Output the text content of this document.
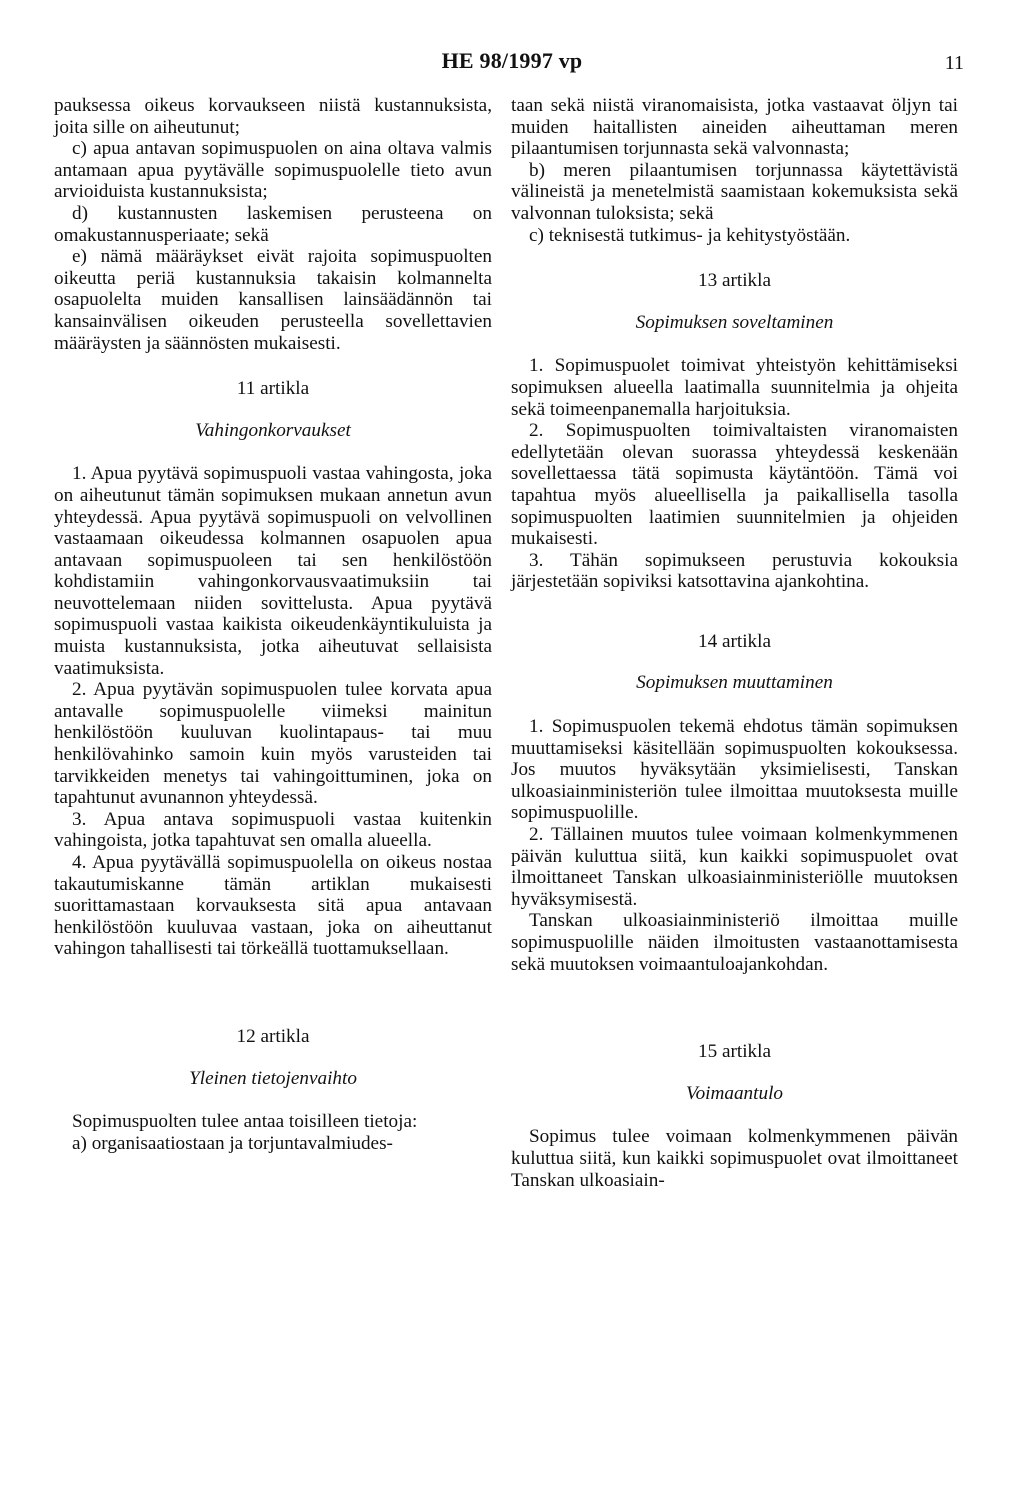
HE 98/1997 vp	11

pauksessa oikeus korvaukseen niistä kustannuksista, joita sille on aiheutunut;

c) apua antavan sopimuspuolen on aina oltava valmis antamaan apua pyytävälle sopimuspuolelle tieto avun arvioiduista kustannuksista;

d) kustannusten laskemisen perusteena on omakustannusperiaate; sekä

e) nämä määräykset eivät rajoita sopimuspuolten oikeutta periä kustannuksia takaisin kolmannelta osapuolelta muiden kansallisen lainsäädännön tai kansainvälisen oikeuden perusteella sovellettavien määräysten ja säännösten mukaisesti.

11 artikla

Vahingonkorvaukset

1. Apua pyytävä sopimuspuoli vastaa vahingosta, joka on aiheutunut tämän sopimuksen mukaan annetun avun yhteydessä. Apua pyytävä sopimuspuoli on velvollinen vastaamaan oikeudessa kolmannen osapuolen apua antavaan sopimuspuoleen tai sen henkilöstöön kohdistamiin vahingonkorvausvaatimuksiin tai neuvottelemaan niiden sovittelusta. Apua pyytävä sopimuspuoli vastaa kaikista oikeudenkäyntikuluista ja muista kustannuksista, jotka aiheutuvat sellaisista vaatimuksista.

2. Apua pyytävän sopimuspuolen tulee korvata apua antavalle sopimuspuolelle viimeksi mainitun henkilöstöön kuuluvan kuolintapaus- tai muu henkilövahinko samoin kuin myös varusteiden tai tarvikkeiden menetys tai vahingoittuminen, joka on tapahtunut avunannon yhteydessä.

3. Apua antava sopimuspuoli vastaa kuitenkin vahingoista, jotka tapahtuvat sen omalla alueella.

4. Apua pyytävällä sopimuspuolella on oikeus nostaa takautumiskanne tämän artiklan mukaisesti suorittamastaan korvauksesta sitä apua antavaan henkilöstöön kuuluvaa vastaan, joka on aiheuttanut vahingon tahallisesti tai törkeällä tuottamuksellaan.

12 artikla

Yleinen tietojenvaihto

Sopimuspuolten tulee antaa toisilleen tietoja:

a) organisaatiostaan ja torjuntavalmiudes-

taan sekä niistä viranomaisista, jotka vastaavat öljyn tai muiden haitallisten aineiden aiheuttaman meren pilaantumisen torjunnasta sekä valvonnasta;

b) meren pilaantumisen torjunnassa käytettävistä välineistä ja menetelmistä saamistaan kokemuksista sekä valvonnan tuloksista; sekä

c) teknisestä tutkimus- ja kehitystyöstään.

13 artikla

Sopimuksen soveltaminen

1. Sopimuspuolet toimivat yhteistyön kehittämiseksi sopimuksen alueella laatimalla suunnitelmia ja ohjeita sekä toimeenpanemalla harjoituksia.

2. Sopimuspuolten toimivaltaisten viranomaisten edellytetään olevan suorassa yhteydessä keskenään sovellettaessa tätä sopimusta käytäntöön. Tämä voi tapahtua myös alueellisella ja paikallisella tasolla sopimuspuolten laatimien suunnitelmien ja ohjeiden mukaisesti.

3. Tähän sopimukseen perustuvia kokouksia järjestetään sopiviksi katsottavina ajankohtina.

14 artikla

Sopimuksen muuttaminen

1. Sopimuspuolen tekemä ehdotus tämän sopimuksen muuttamiseksi käsitellään sopimuspuolten kokouksessa. Jos muutos hyväksytään yksimielisesti, Tanskan ulkoasiainministeriön tulee ilmoittaa muutoksesta muille sopimuspuolille.

2. Tällainen muutos tulee voimaan kolmenkymmenen päivän kuluttua siitä, kun kaikki sopimuspuolet ovat ilmoittaneet Tanskan ulkoasiainministeriölle muutoksen hyväksymisestä.

Tanskan ulkoasiainministeriö ilmoittaa muille sopimuspuolille näiden ilmoitusten vastaanottamisesta sekä muutoksen voimaantuloajankohdan.

15 artikla

Voimaantulo

Sopimus tulee voimaan kolmenkymmenen päivän kuluttua siitä, kun kaikki sopimuspuolet ovat ilmoittaneet Tanskan ulkoasiain-
